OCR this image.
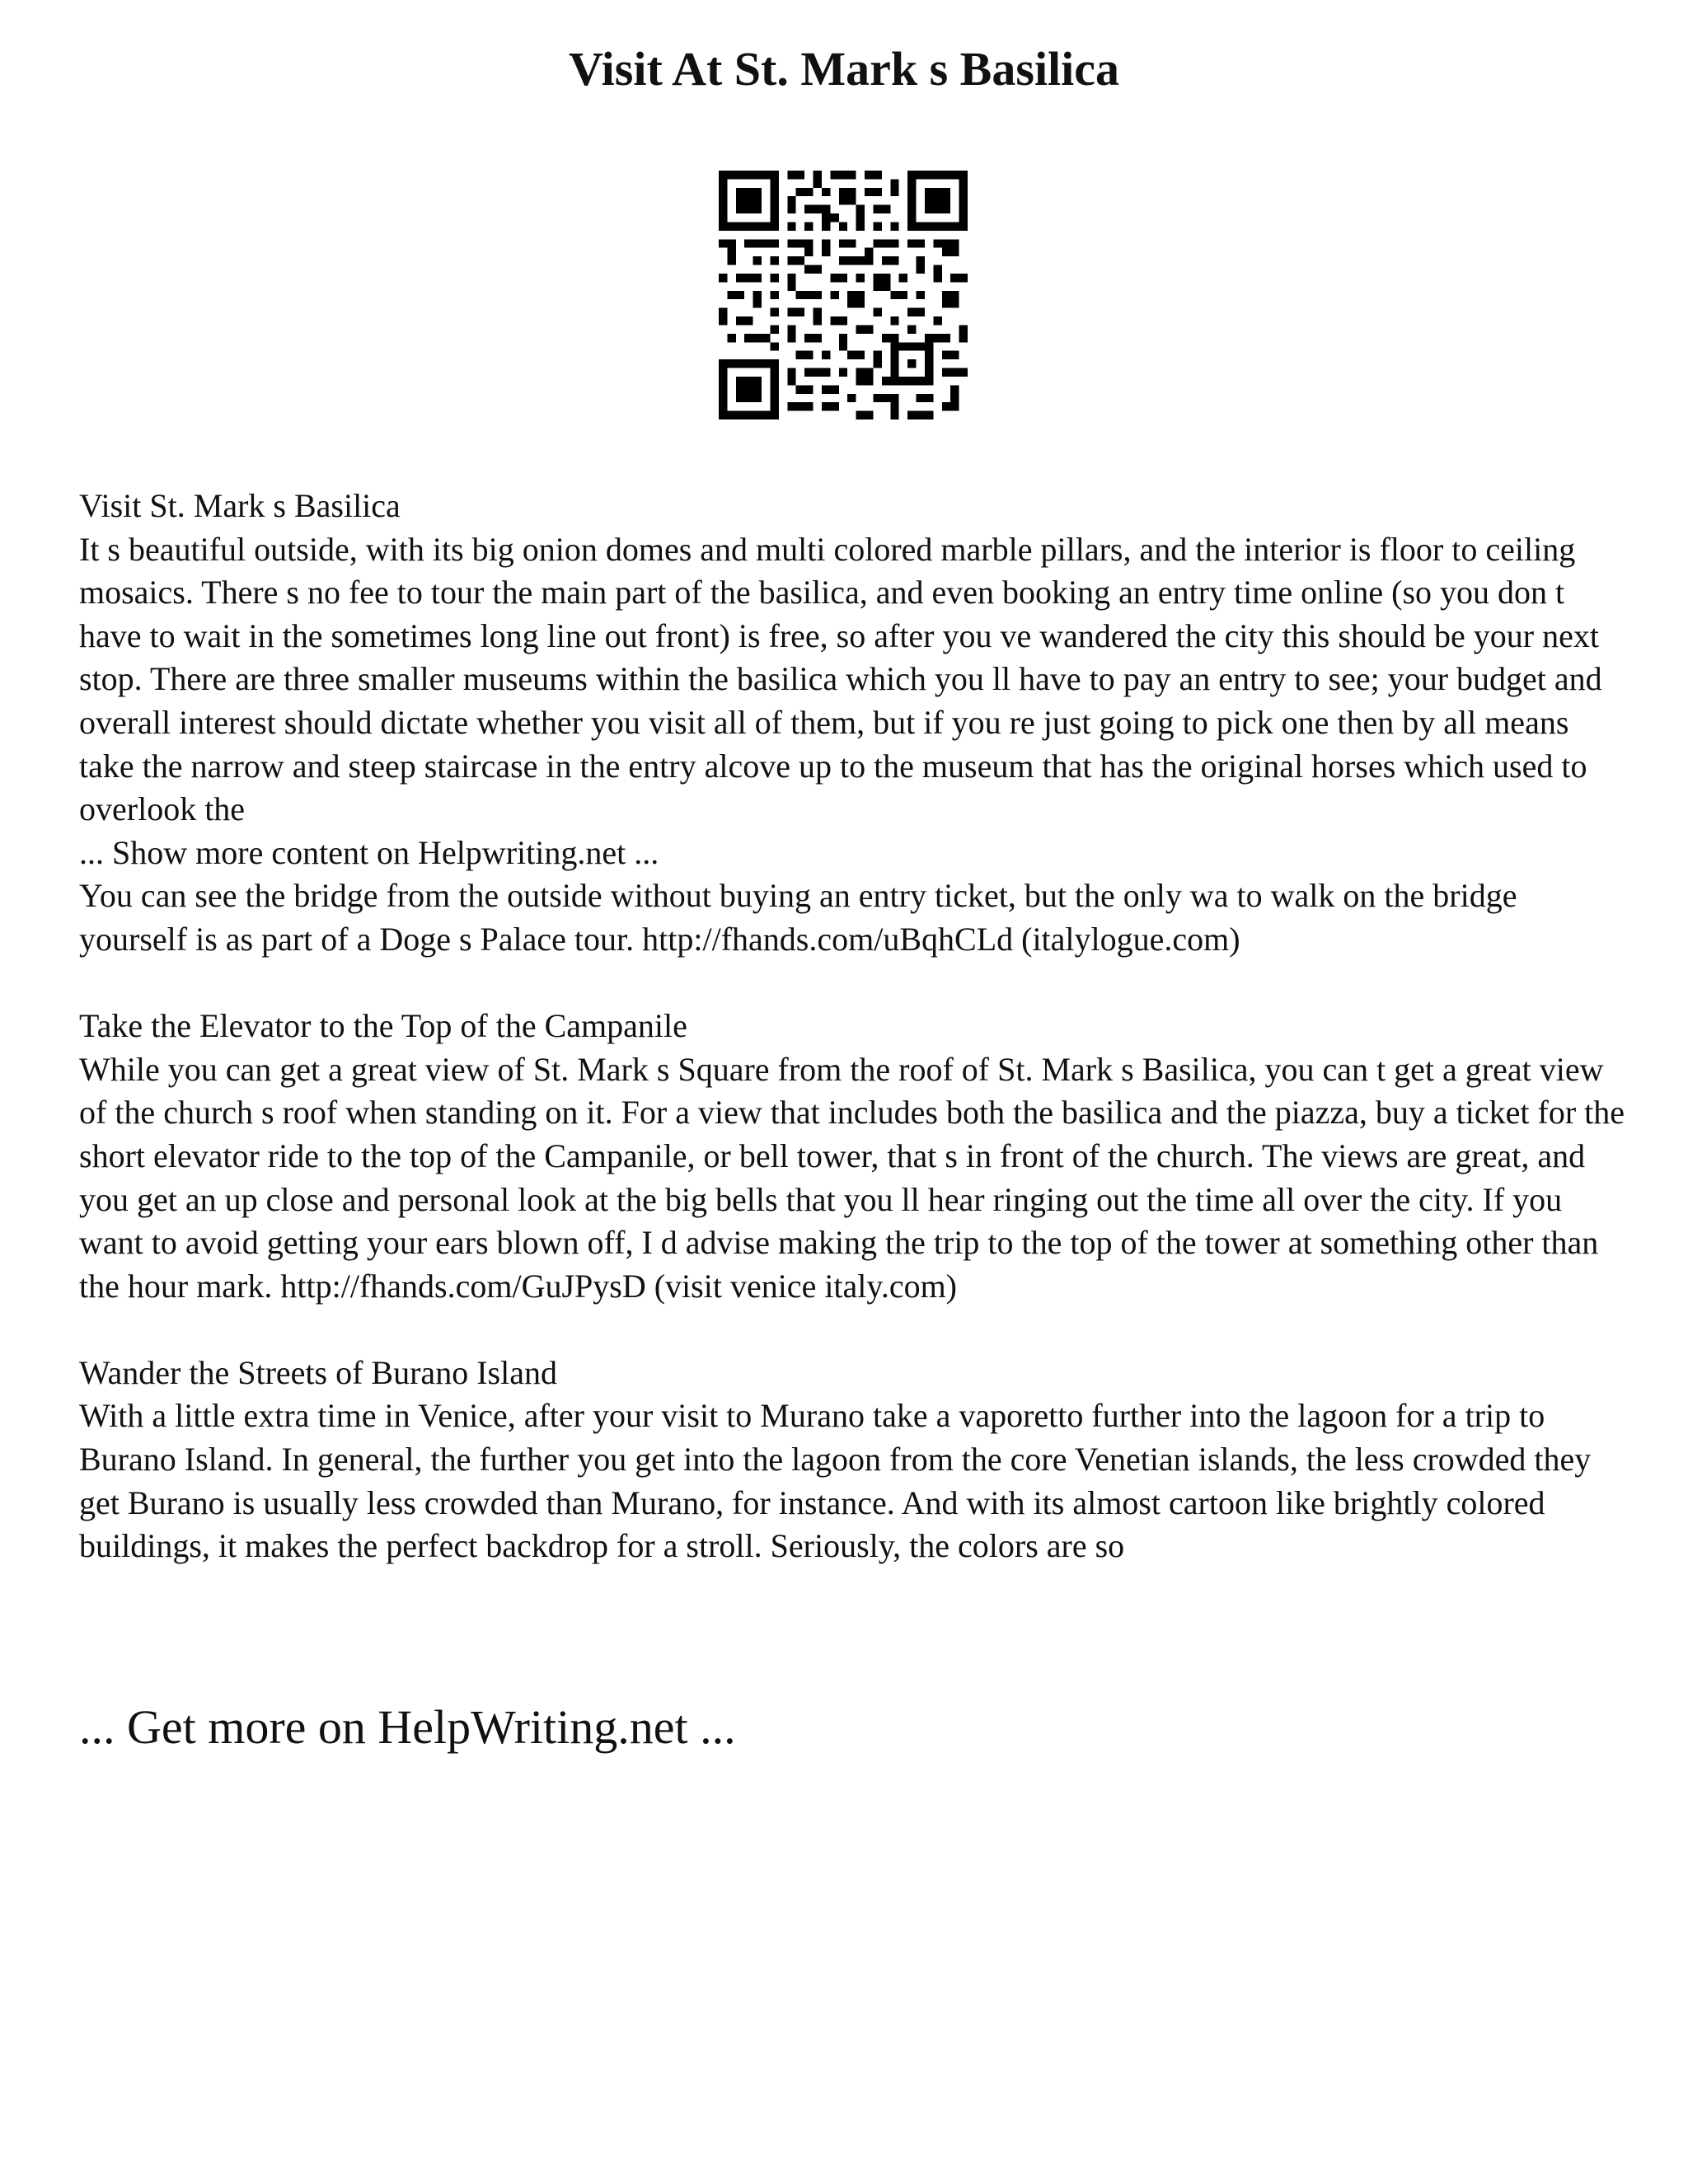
Visit At St. Mark s Basilica
Visit St. Mark s Basilica

It s beautiful outside, with its big onion domes and multi colored marble pillars, and the interior is floor to ceiling mosaics. There s no fee to tour the main part of the basilica, and even booking an entry time online (so you don t have to wait in the sometimes long line out front) is free, so after you ve wandered the city this should be your next stop. There are three smaller museums within the basilica which you ll have to pay an entry to see; your budget and overall interest should dictate whether you visit all of them, but if you re just going to pick one then by all means take the narrow and steep staircase in the entry alcove up to the museum that has the original horses which used to overlook the

... Show more content on Helpwriting.net ...

You can see the bridge from the outside without buying an entry ticket, but the only wa to walk on the bridge yourself is as part of a Doge s Palace tour. http://fhands.com/uBqhCLd (italylogue.com)

Take the Elevator to the Top of the Campanile

While you can get a great view of St. Mark s Square from the roof of St. Mark s Basilica, you can t get a great view of the church s roof when standing on it. For a view that includes both the basilica and the piazza, buy a ticket for the short elevator ride to the top of the Campanile, or bell tower, that s in front of the church. The views are great, and you get an up close and personal look at the big bells that you ll hear ringing out the time all over the city. If you want to avoid getting your ears blown off, I d advise making the trip to the top of the tower at something other than the hour mark. http://fhands.com/GuJPysD (visit venice italy.com)

Wander the Streets of Burano Island

With a little extra time in Venice, after your visit to Murano take a vaporetto further into the lagoon for a trip to Burano Island. In general, the further you get into the lagoon from the core Venetian islands, the less crowded they get Burano is usually less crowded than Murano, for instance. And with its almost cartoon like brightly colored buildings, it makes the perfect backdrop for a stroll. Seriously, the colors are so

... Get more on HelpWriting.net ...
